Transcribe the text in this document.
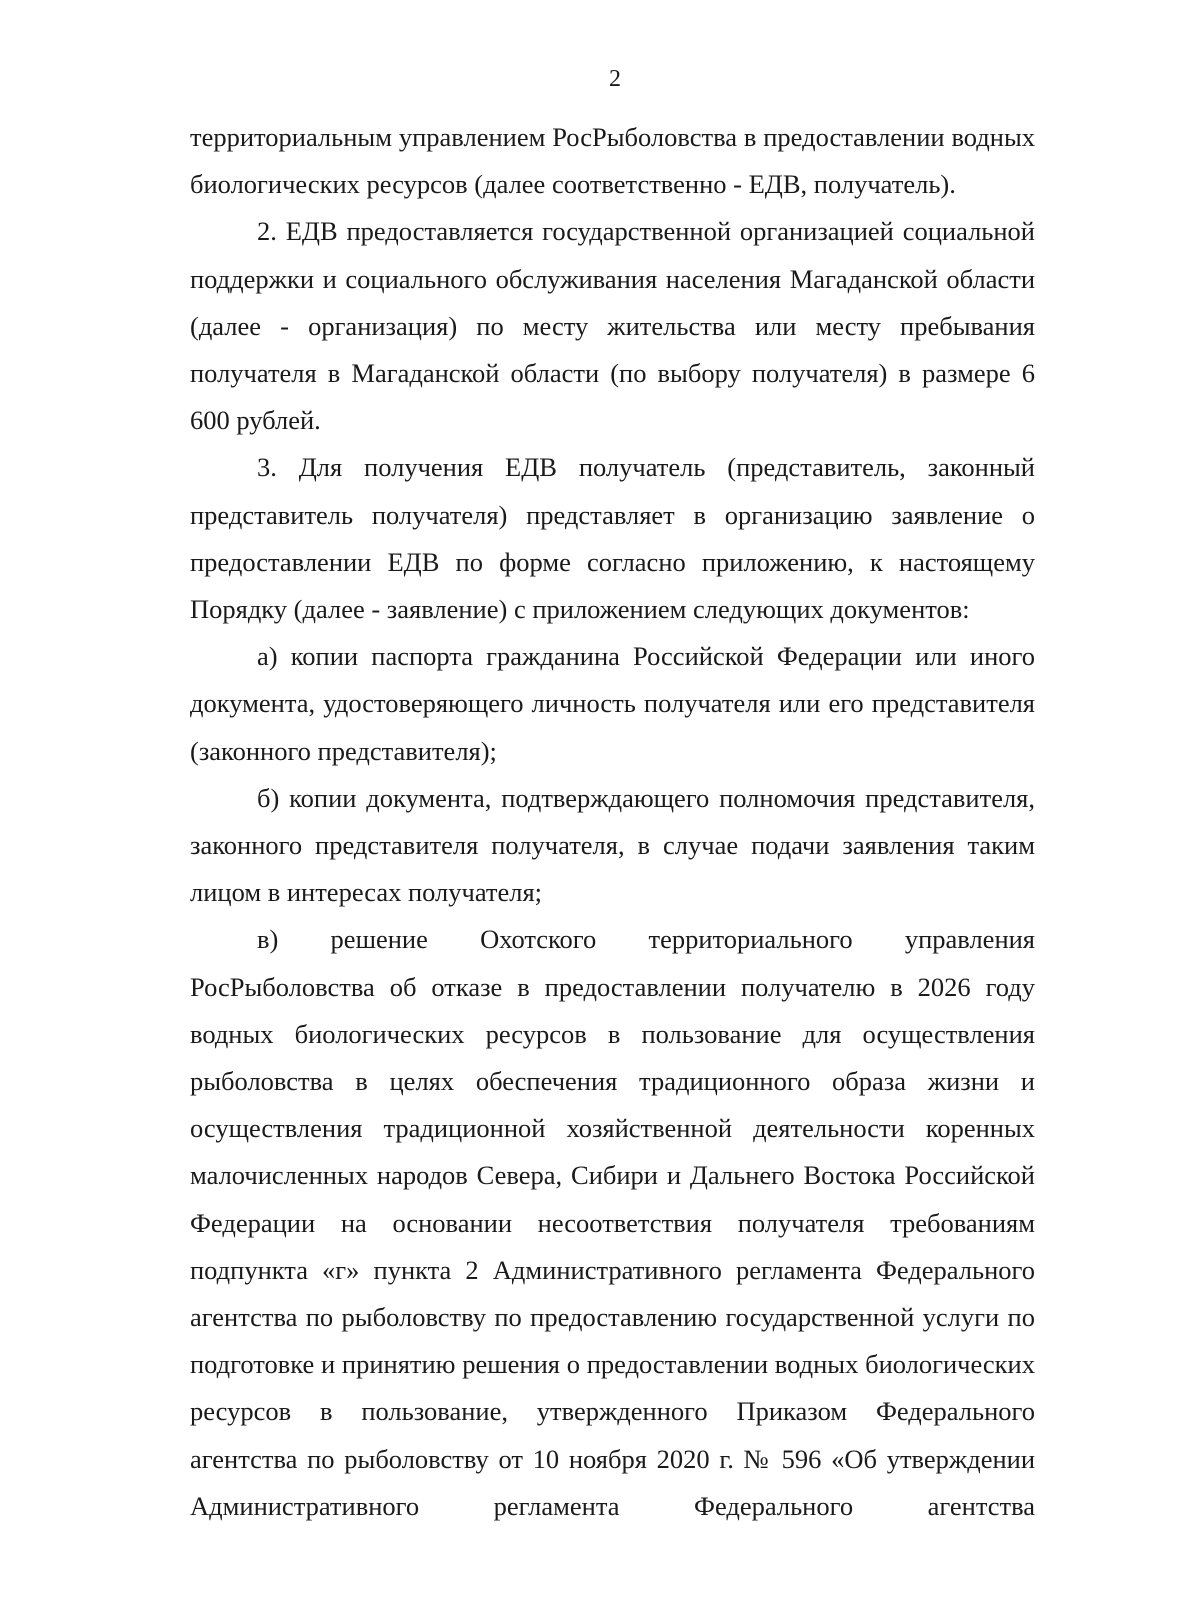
2

территориальным управлением РосРыболовства в предоставлении водных биологических ресурсов (далее соответственно - ЕДВ, получатель).

2. ЕДВ предоставляется государственной организацией социальной поддержки и социального обслуживания населения Магаданской области (далее - организация) по месту жительства или месту пребывания получателя в Магаданской области (по выбору получателя) в размере 6 600 рублей.

3. Для получения ЕДВ получатель (представитель, законный представитель получателя) представляет в организацию заявление о предоставлении ЕДВ по форме согласно приложению, к настоящему Порядку (далее - заявление) с приложением следующих документов:

а) копии паспорта гражданина Российской Федерации или иного документа, удостоверяющего личность получателя или его представителя (законного представителя);

б) копии документа, подтверждающего полномочия представителя, законного представителя получателя, в случае подачи заявления таким лицом в интересах получателя;

в) решение Охотского территориального управления РосРыболовства об отказе в предоставлении получателю в 2026 году водных биологических ресурсов в пользование для осуществления рыболовства в целях обеспечения традиционного образа жизни и осуществления традиционной хозяйственной деятельности коренных малочисленных народов Севера, Сибири и Дальнего Востока Российской Федерации на основании несоответствия получателя требованиям подпункта «г» пункта 2 Административного регламента Федерального агентства по рыболовству по предоставлению государственной услуги по подготовке и принятию решения о предоставлении водных биологических ресурсов в пользование, утвержденного Приказом Федерального агентства по рыболовству от 10 ноября 2020 г. № 596 «Об утверждении Административного регламента Федерального агентства
